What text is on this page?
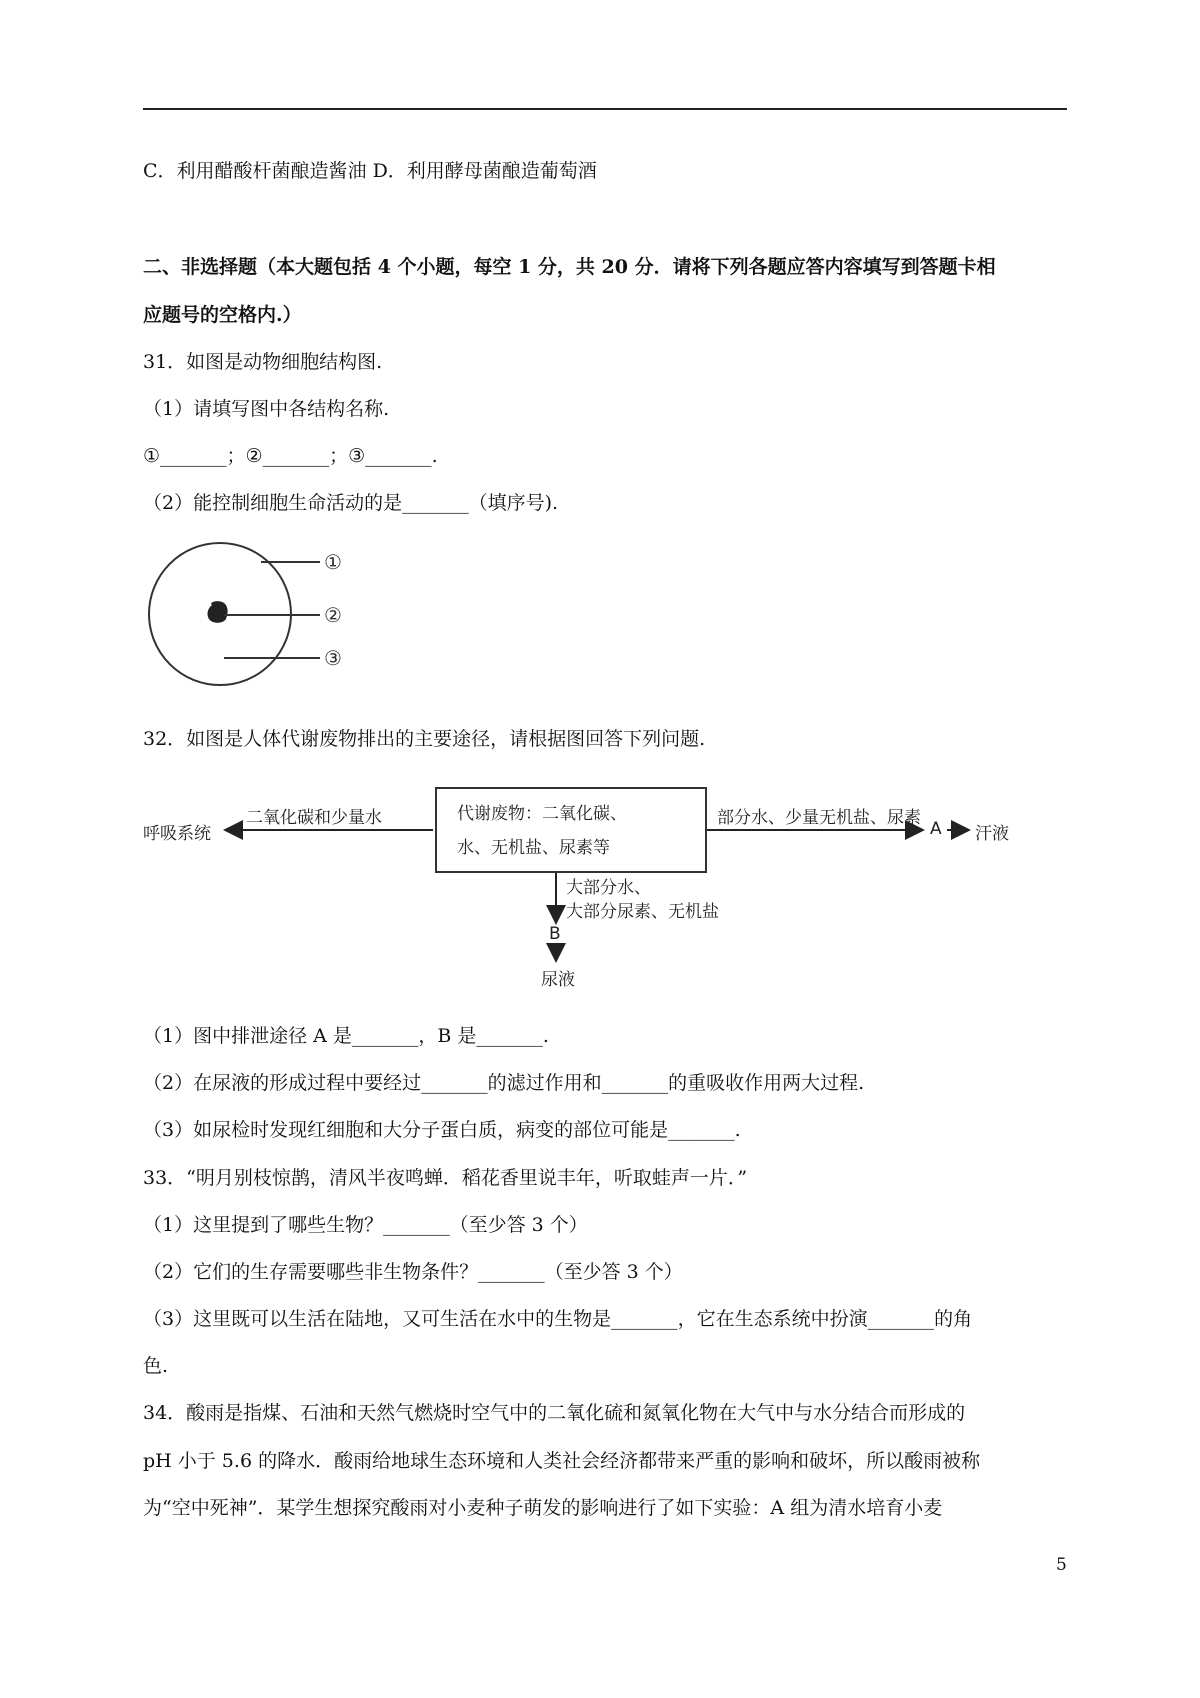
C．利用醋酸杆菌酿造酱油 D．利用酵母菌酿造葡萄酒
二、非选择题（本大题包括 4 个小题，每空 1 分，共 20 分．请将下列各题应答内容填写到答题卡相
应题号的空格内.）
31．如图是动物细胞结构图.
（1）请填写图中各结构名称.
①_______；②_______；③_______.
（2）能控制细胞生命活动的是_______（填序号).
①
②
③
32．如图是人体代谢废物排出的主要途径，请根据图回答下列问题.
呼吸系统
二氧化碳和少量水	代谢废物：二氧化碳、
水、无机盐、尿素等
部分水、少量无机盐、尿素
A 汗液
大部分水、
大部分尿素、无机盐
B
尿液
（1）图中排泄途径 A 是_______，B 是_______.
（2）在尿液的形成过程中要经过_______的滤过作用和_______的重吸收作用两大过程.
（3）如尿检时发现红细胞和大分子蛋白质，病变的部位可能是_______.
33．“明月别枝惊鹊，清风半夜鸣蝉．稻花香里说丰年，听取蛙声一片．”
（1）这里提到了哪些生物？_______（至少答 3 个）
（2）它们的生存需要哪些非生物条件？_______（至少答 3 个）
（3）这里既可以生活在陆地，又可生活在水中的生物是_______，它在生态系统中扮演_______的角
色.
34．酸雨是指煤、石油和天然气燃烧时空气中的二氧化硫和氮氧化物在大气中与水分结合而形成的
pH 小于 5.6 的降水．酸雨给地球生态环境和人类社会经济都带来严重的影响和破坏，所以酸雨被称
为“空中死神”．某学生想探究酸雨对小麦种子萌发的影响进行了如下实验：A 组为清水培育小麦
5
